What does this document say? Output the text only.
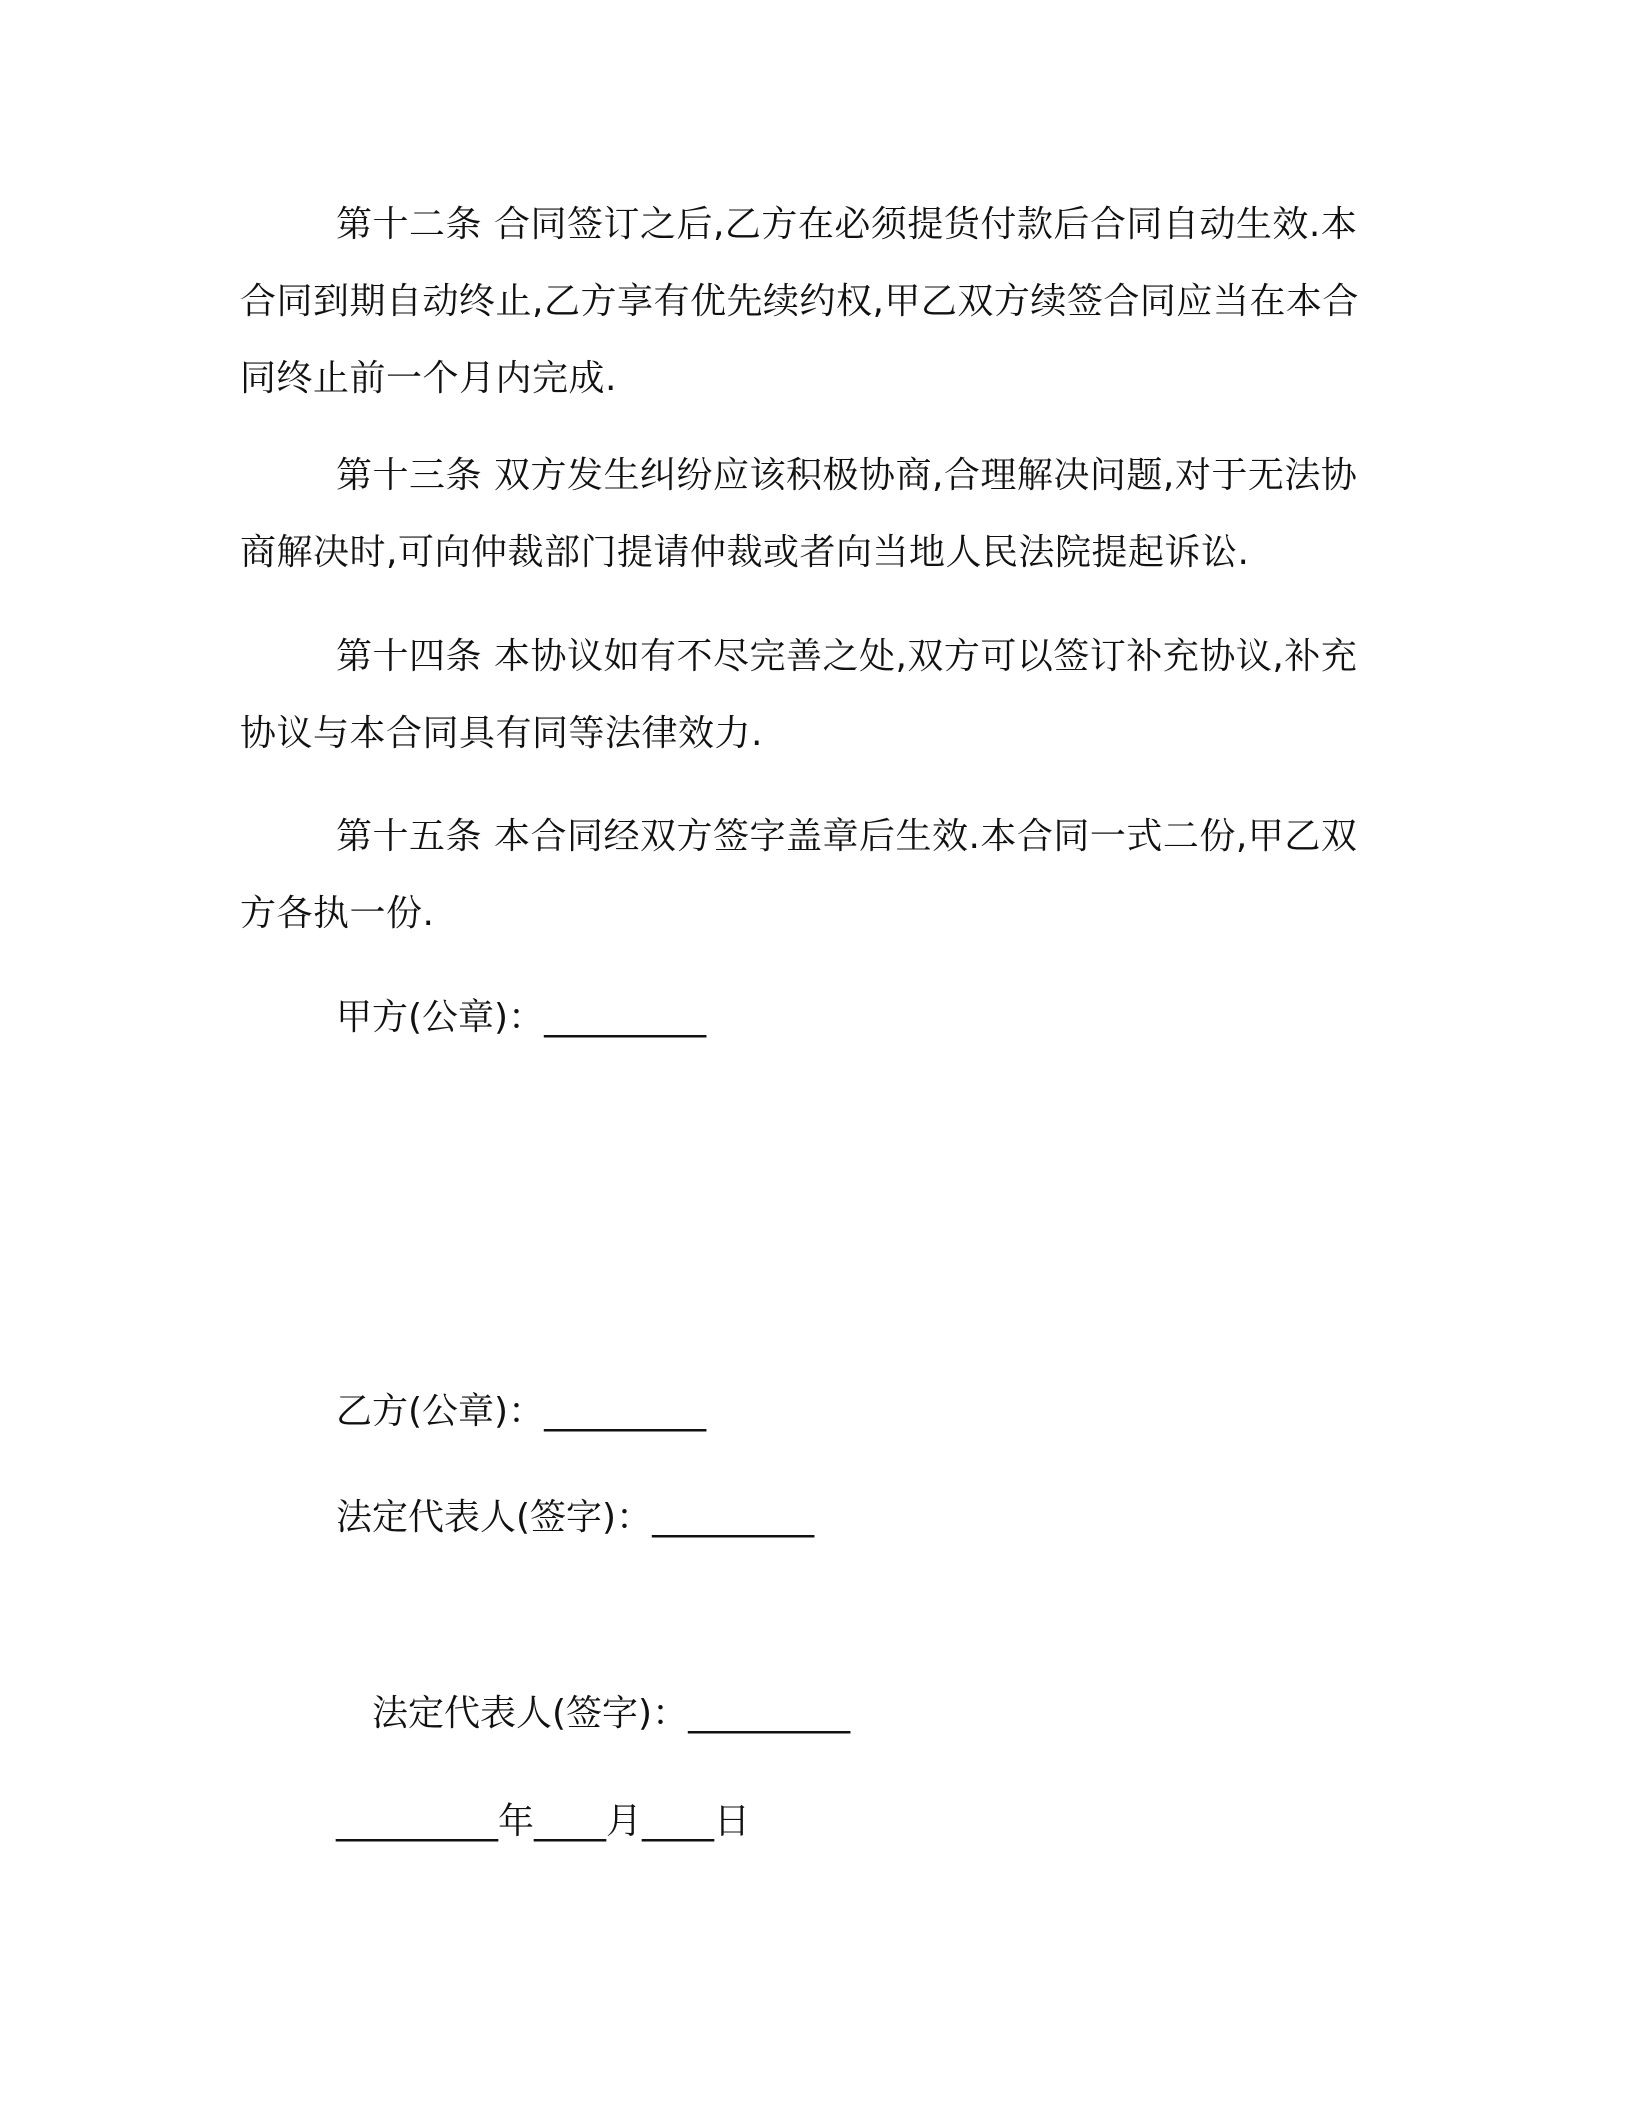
第十二条 合同签订之后,乙方在必须提货付款后合同自动生效.本合同到期自动终止,乙方享有优先续约权,甲乙双方续签合同应当在本合同终止前一个月内完成.

第十三条 双方发生纠纷应该积极协商,合理解决问题,对于无法协商解决时,可向仲裁部门提请仲裁或者向当地人民法院提起诉讼.

第十四条 本协议如有不尽完善之处,双方可以签订补充协议,补充协议与本合同具有同等法律效力.

第十五条 本合同经双方签字盖章后生效.本合同一式二份,甲乙双方各执一份.

甲方(公章)：_________
乙方(公章)：_________
法定代表人(签字)：_________
法定代表人(签字)：_________
_________年____月____日
